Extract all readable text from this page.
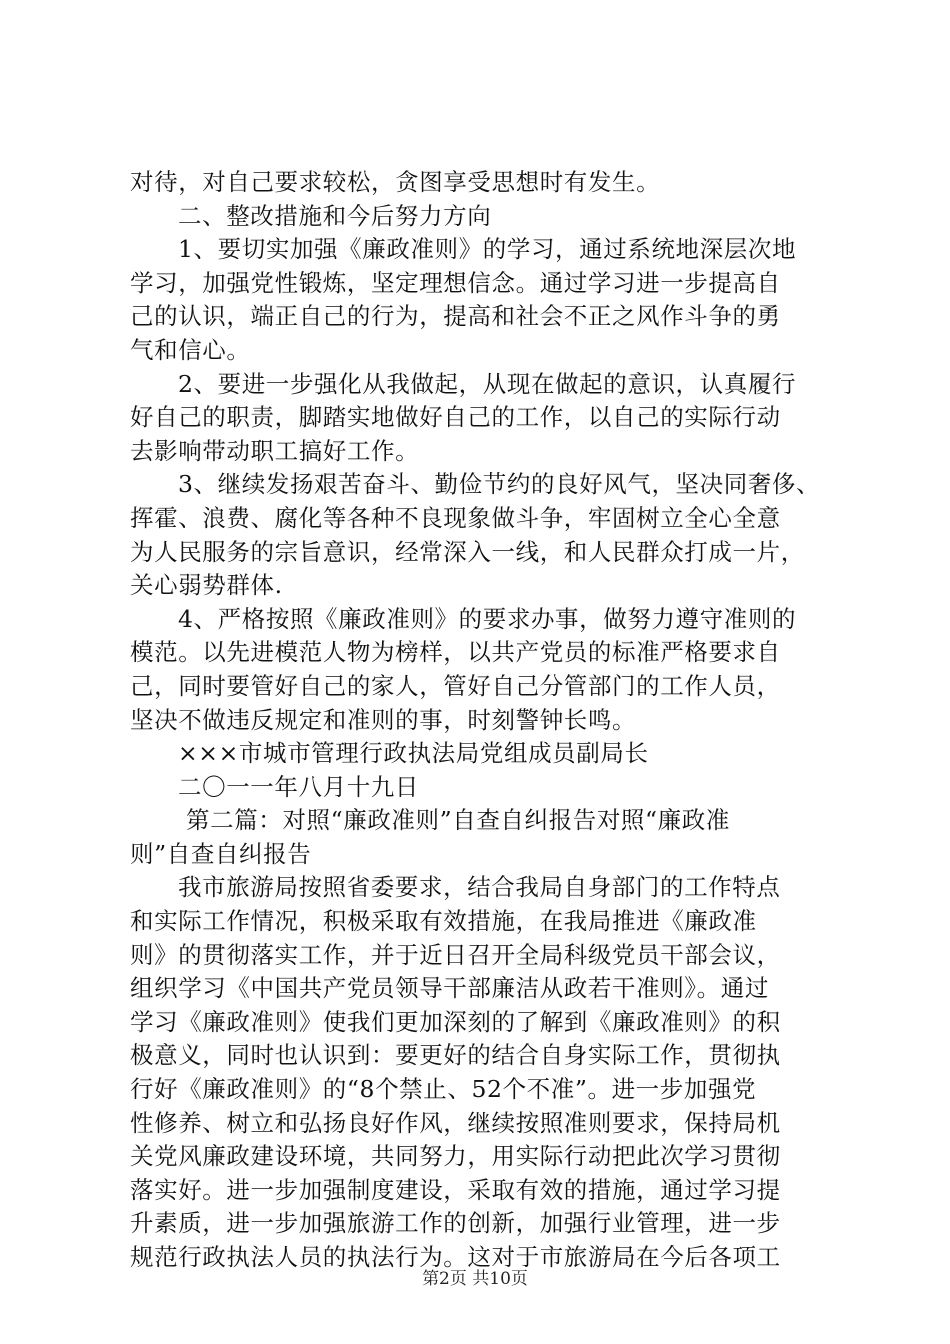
对待，对自己要求较松，贪图享受思想时有发生。
二、整改措施和今后努力方向
1、要切实加强《廉政准则》的学习，通过系统地深层次地
学习，加强党性锻炼，坚定理想信念。通过学习进一步提高自
己的认识，端正自己的行为，提高和社会不正之风作斗争的勇
气和信心。
2、要进一步强化从我做起，从现在做起的意识，认真履行
好自己的职责，脚踏实地做好自己的工作，以自己的实际行动
去影响带动职工搞好工作。
3、继续发扬艰苦奋斗、勤俭节约的良好风气，坚决同奢侈、
挥霍、浪费、腐化等各种不良现象做斗争，牢固树立全心全意
为人民服务的宗旨意识，经常深入一线，和人民群众打成一片，
关心弱势群体.
4、严格按照《廉政准则》的要求办事，做努力遵守准则的
模范。以先进模范人物为榜样，以共产党员的标准严格要求自
己，同时要管好自己的家人，管好自己分管部门的工作人员，
坚决不做违反规定和准则的事，时刻警钟长鸣。
×××市城市管理行政执法局党组成员副局长
二〇一一年八月十九日
第二篇：对照“廉政准则”自查自纠报告对照“廉政准
则”自查自纠报告
我市旅游局按照省委要求，结合我局自身部门的工作特点
和实际工作情况，积极采取有效措施，在我局推进《廉政准
则》的贯彻落实工作，并于近日召开全局科级党员干部会议，
组织学习《中国共产党员领导干部廉洁从政若干准则》。通过
学习《廉政准则》使我们更加深刻的了解到《廉政准则》的积
极意义，同时也认识到：要更好的结合自身实际工作，贯彻执
行好《廉政准则》的“8个禁止、52个不准”。进一步加强党
性修养、树立和弘扬良好作风，继续按照准则要求，保持局机
关党风廉政建设环境，共同努力，用实际行动把此次学习贯彻
落实好。进一步加强制度建设，采取有效的措施，通过学习提
升素质，进一步加强旅游工作的创新，加强行业管理，进一步
规范行政执法人员的执法行为。这对于市旅游局在今后各项工
第2页 共10页
